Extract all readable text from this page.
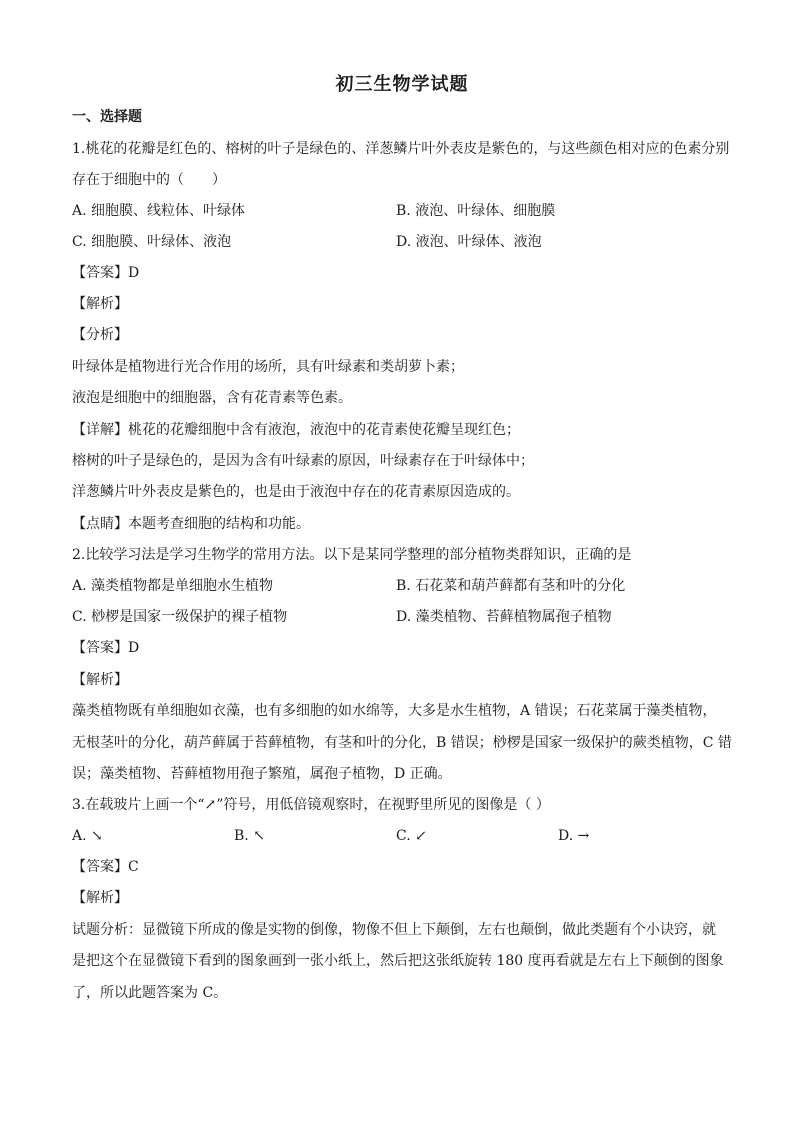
初三生物学试题
一、选择题
1.桃花的花瓣是红色的、榕树的叶子是绿色的、洋葱鳞片叶外表皮是紫色的，与这些颜色相对应的色素分别
存在于细胞中的（　　）
A. 细胞膜、线粒体、叶绿体	B. 液泡、叶绿体、细胞膜
C. 细胞膜、叶绿体、液泡	D. 液泡、叶绿体、液泡
【答案】D
【解析】
【分析】
叶绿体是植物进行光合作用的场所，具有叶绿素和类胡萝卜素；
液泡是细胞中的细胞器，含有花青素等色素。
【详解】桃花的花瓣细胞中含有液泡，液泡中的花青素使花瓣呈现红色；
榕树的叶子是绿色的，是因为含有叶绿素的原因，叶绿素存在于叶绿体中；
洋葱鳞片叶外表皮是紫色的，也是由于液泡中存在的花青素原因造成的。
【点睛】本题考查细胞的结构和功能。
2.比较学习法是学习生物学的常用方法。以下是某同学整理的部分植物类群知识，正确的是
A. 藻类植物都是单细胞水生植物	B. 石花菜和葫芦藓都有茎和叶的分化
C. 桫椤是国家一级保护的裸子植物	D. 藻类植物、苔藓植物属孢子植物
【答案】D
【解析】
藻类植物既有单细胞如衣藻，也有多细胞的如水绵等，大多是水生植物，A 错误；石花菜属于藻类植物，
无根茎叶的分化，葫芦藓属于苔藓植物，有茎和叶的分化，B 错误；桫椤是国家一级保护的蕨类植物，C 错
误；藻类植物、苔藓植物用孢子繁殖，属孢子植物，D 正确。
3.在载玻片上画一个“↗”符号，用低倍镜观察时，在视野里所见的图像是（ ）
A. ↘	B. ↖	C. ↙	D. →
【答案】C
【解析】
试题分析：显微镜下所成的像是实物的倒像，物像不但上下颠倒，左右也颠倒，做此类题有个小诀窍，就
是把这个在显微镜下看到的图象画到一张小纸上，然后把这张纸旋转 180 度再看就是左右上下颠倒的图象
了，所以此题答案为 C。
